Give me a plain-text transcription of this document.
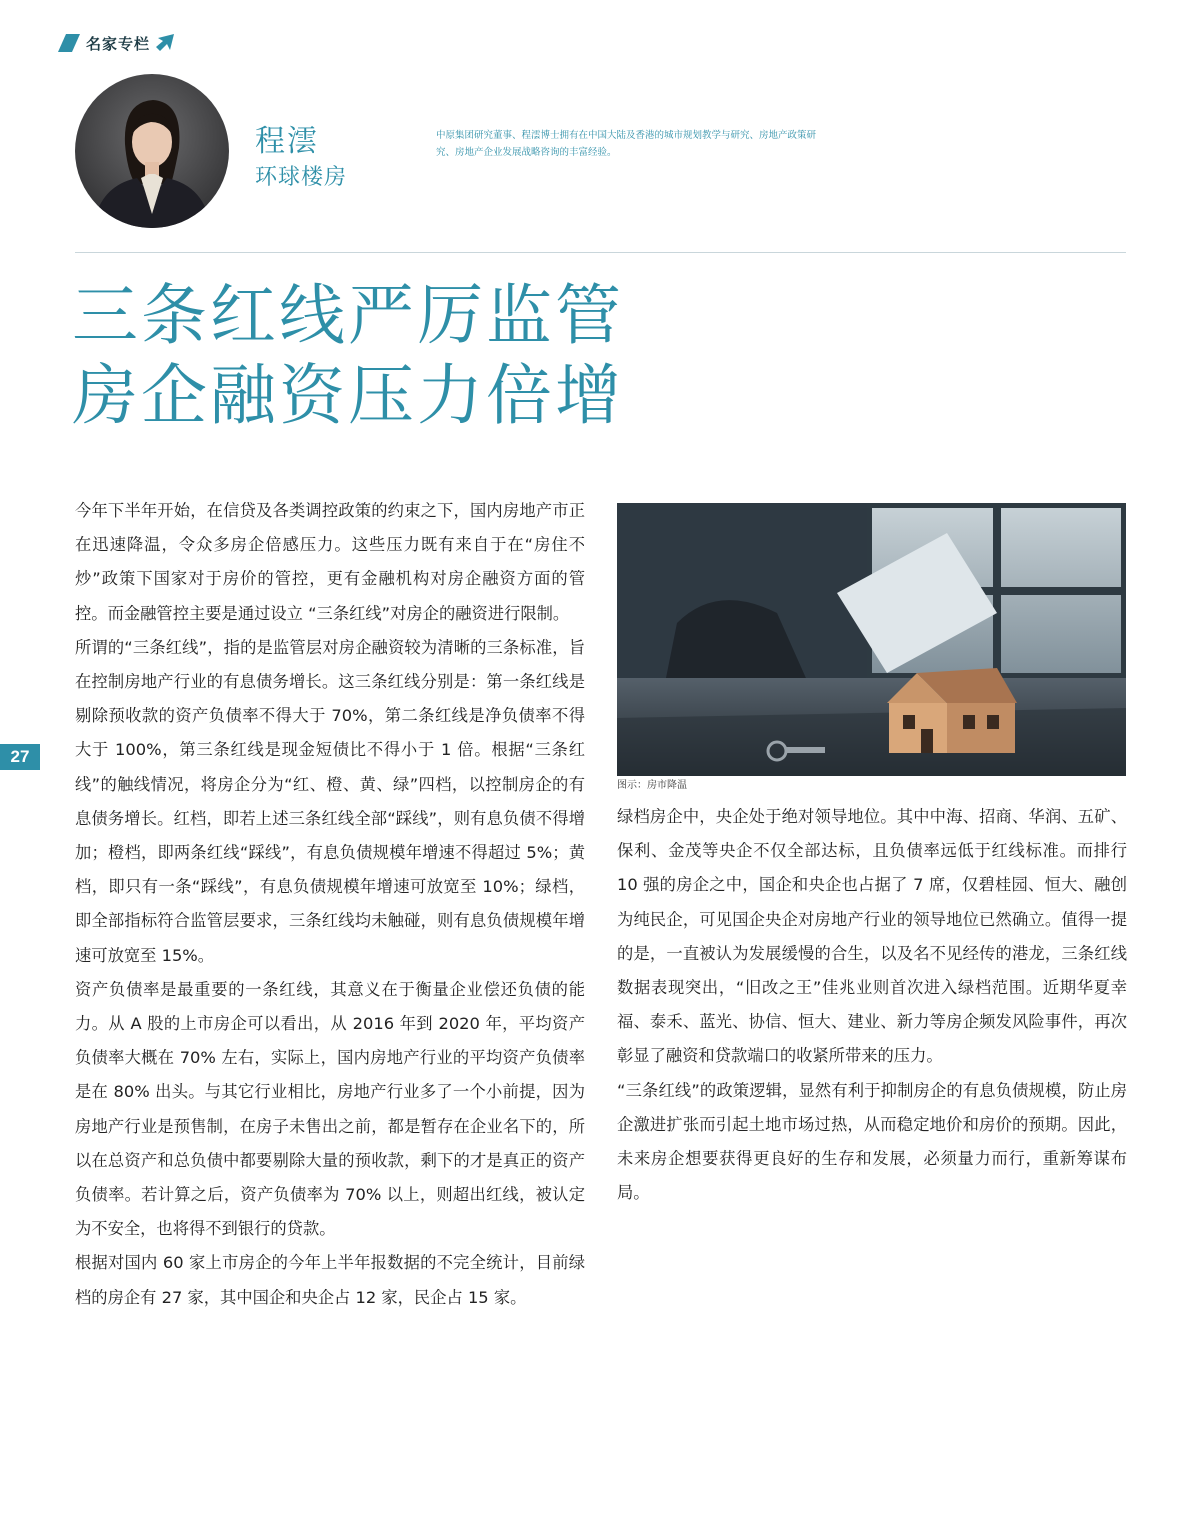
名家专栏
程澐
环球楼房
中原集团研究董事、程澐博士拥有在中国大陆及香港的城市规划教学与研究、房地产政策研究、房地产企业发展战略咨询的丰富经验。
三条红线严厉监管
房企融资压力倍增
27

今年下半年开始，在信贷及各类调控政策的约束之下，国内房地产市正在迅速降温，令众多房企倍感压力。这些压力既有来自于在“房住不炒”政策下国家对于房价的管控，更有金融机构对房企融资方面的管控。而金融管控主要是通过设立 “三条红线”对房企的融资进行限制。

所谓的“三条红线”，指的是监管层对房企融资较为清晰的三条标准，旨在控制房地产行业的有息债务增长。这三条红线分别是：第一条红线是剔除预收款的资产负债率不得大于 70%，第二条红线是净负债率不得大于 100%，第三条红线是现金短债比不得小于 1 倍。根据“三条红线”的触线情况，将房企分为“红、橙、黄、绿”四档，以控制房企的有息债务增长。红档，即若上述三条红线全部“踩线”，则有息负债不得增加；橙档，即两条红线“踩线”，有息负债规模年增速不得超过 5%；黄档，即只有一条“踩线”，有息负债规模年增速可放宽至 10%；绿档，即全部指标符合监管层要求，三条红线均未触碰，则有息负债规模年增速可放宽至 15%。

资产负债率是最重要的一条红线，其意义在于衡量企业偿还负债的能力。从 A 股的上市房企可以看出，从 2016 年到 2020 年，平均资产负债率大概在 70% 左右，实际上，国内房地产行业的平均资产负债率是在 80% 出头。与其它行业相比，房地产行业多了一个小前提，因为房地产行业是预售制，在房子未售出之前，都是暂存在企业名下的，所以在总资产和总负债中都要剔除大量的预收款，剩下的才是真正的资产负债率。若计算之后，资产负债率为 70% 以上，则超出红线，被认定为不安全，也将得不到银行的贷款。

根据对国内 60 家上市房企的今年上半年报数据的不完全统计，目前绿档的房企有 27 家，其中国企和央企占 12 家，民企占 15 家。

图示：房市降温

绿档房企中，央企处于绝对领导地位。其中中海、招商、华润、五矿、保利、金茂等央企不仅全部达标，且负债率远低于红线标准。而排行 10 强的房企之中，国企和央企也占据了 7 席，仅碧桂园、恒大、融创为纯民企，可见国企央企对房地产行业的领导地位已然确立。值得一提的是，一直被认为发展缓慢的合生，以及名不见经传的港龙，三条红线数据表现突出，“旧改之王”佳兆业则首次进入绿档范围。近期华夏幸福、泰禾、蓝光、协信、恒大、建业、新力等房企频发风险事件，再次彰显了融资和贷款端口的收紧所带来的压力。

“三条红线”的政策逻辑，显然有利于抑制房企的有息负债规模，防止房企激进扩张而引起土地市场过热，从而稳定地价和房价的预期。因此，未来房企想要获得更良好的生存和发展，必须量力而行，重新筹谋布局。
